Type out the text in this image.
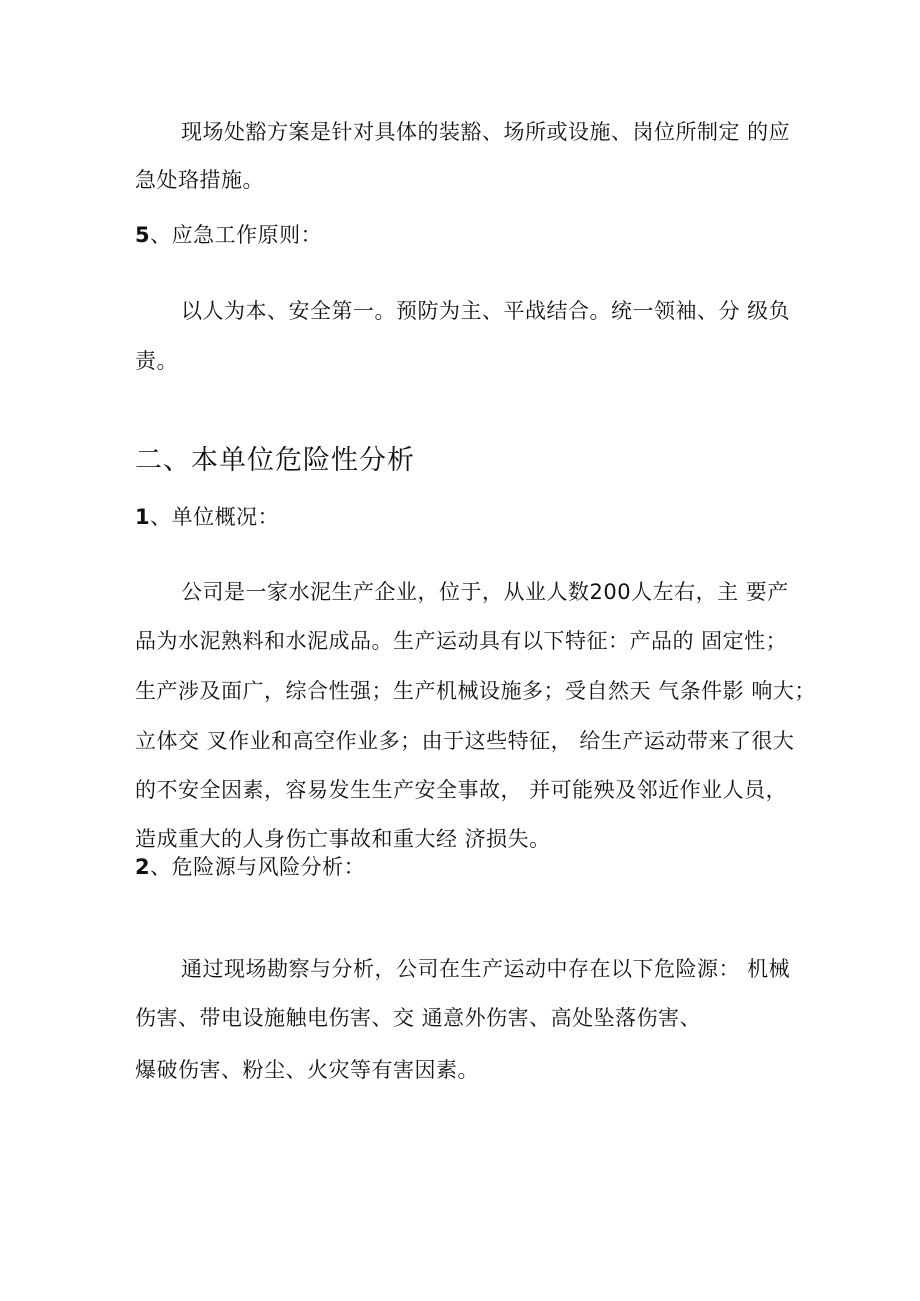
现场处豁方案是针对具体的装豁、场所或设施、岗位所制定 的应
急处珞措施。
5、应急工作原则：
以人为本、安全第一。预防为主、平战结合。统一领袖、分 级负
责。
二、本单位危险性分析
1、单位概况：
公司是一家水泥生产企业，位于，从业人数200人左右，主 要产
品为水泥熟料和水泥成品。生产运动具有以下特征：产品的 固定性；
生产涉及面广，综合性强；生产机械设施多；受自然天 气条件影 响大；
立体交 叉作业和高空作业多；由于这些特征， 给生产运动带来了很大
的不安全因素，容易发生生产安全事故， 并可能殃及邻近作业人员，
造成重大的人身伤亡事故和重大经 济损失。
2、危险源与风险分析：
通过现场勘察与分析，公司在生产运动中存在以下危险源： 机械
伤害、带电设施触电伤害、交 通意外伤害、高处坠落伤害、
爆破伤害、粉尘、火灾等有害因素。
